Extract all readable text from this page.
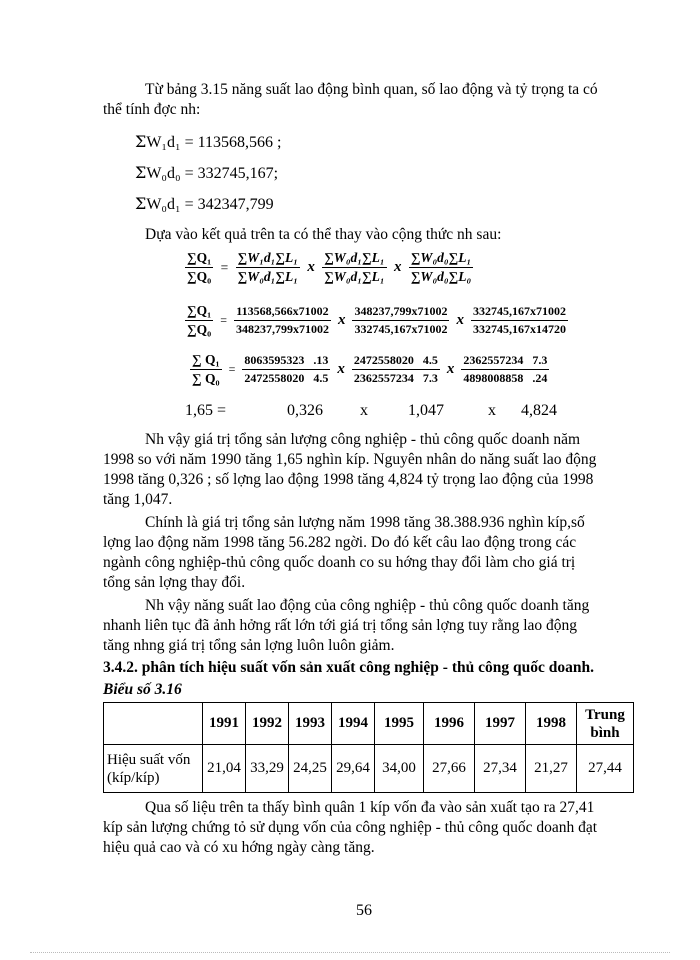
Từ bảng 3.15 năng suất lao động bình quan, số lao động và tỷ trọng ta có
thể tính đợc nh:
ΣW₁d₁ = 113568,566 ;
ΣW₀d₀ = 332745,167;
ΣW₀d₁ = 342347,799
Dựa vào kết quả trên ta có thể thay vào cộng thức nh sau:
$\frac{\text{∑Q₁}}{\text{∑Q₀}} = \frac{\text{∑W₁d₁∑L₁}}{\text{∑W₀d₁∑L₁}}$ x $\frac{\text{∑W₀d₁∑L₁}}{\text{∑W₀d₁∑L₁}}$ x $\frac{\text{∑W₀d₀∑L₁}}{\text{∑W₀d₀∑L₀}}$
$\frac{\text{∑Q₁}}{\text{∑Q₀}} = \frac{113568,566x71002}{348237,799x71002}$ x $\frac{348237,799x71002}{332745,167x71002}$ x $\frac{332745,167x71002}{332745,167x14720}$
$\frac{\text{∑ Q₁}}{\text{∑ Q₀}} = \frac{8063595323 .13}{2472558020 4.5}$ x $\frac{2472558020 4.5}{2362557234 7.3}$ x $\frac{2362557234 7.3}{4898008858 .24}$
1,65 =	0,326 x	1,047	x 4,824
Nh vậy giá trị tổng sản lượng công nghiệp - thủ công quốc doanh năm
1998 so với năm 1990 tăng 1,65 nghìn kíp. Nguyên nhân do năng suất lao động
1998 tăng 0,326 ; số lợng lao động 1998 tăng 4,824 tỷ trọng lao động của 1998
tăng 1,047.
Chính là giá trị tổng sản lượng năm 1998 tăng 38.388.936 nghìn kíp,số
lợng lao động năm 1998 tăng 56.282 ngời. Do đó kết câu lao động trong các
ngành công nghiệp-thủ công quốc doanh co su hớng thay đổi làm cho giá trị
tổng sản lợng thay đổi.
Nh vậy năng suất lao động của công nghiệp - thủ công quốc doanh tăng
nhanh liên tục đã ảnh hởng rất lớn tới giá trị tổng sản lợng tuy rằng lao động
tăng nhng giá trị tổng sản lợng luôn luôn giảm.
3.4.2. phân tích hiệu suất vốn sản xuất công nghiệp - thủ công quốc doanh.
Biểu số 3.16
	1991	1992	1993	1994	1995	1996	1997	1998	Trung bình
Hiệu suất vốn (kíp/kíp)	21,04	33,29	24,25	29,64	34,00	27,66	27,34	21,27	27,44
Qua số liệu trên ta thấy bình quân 1 kíp vốn đa vào sản xuất tạo ra 27,41
kíp sản lượng chứng tỏ sử dụng vốn của công nghiệp - thủ công quốc doanh đạt
hiệu quả cao và có xu hớng ngày càng tăng.
56
